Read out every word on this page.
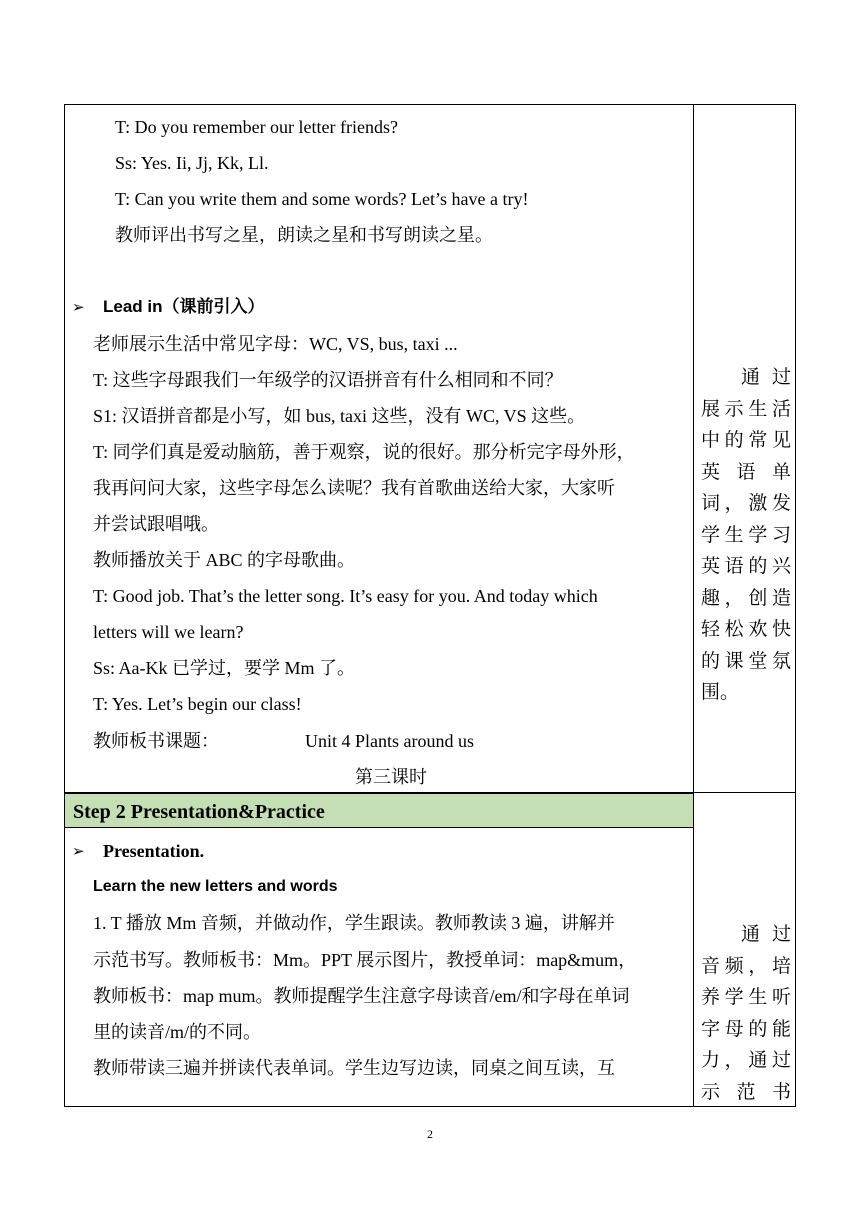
T: Do you remember our letter friends?
Ss: Yes. Ii, Jj, Kk, Ll.
T: Can you write them and some words? Let’s have a try!
教师评出书写之星，朗读之星和书写朗读之星。
➢ Lead in（课前引入）
老师展示生活中常见字母：WC, VS, bus, taxi ...
T: 这些字母跟我们一年级学的汉语拼音有什么相同和不同？
S1: 汉语拼音都是小写，如 bus, taxi 这些，没有 WC, VS 这些。
T: 同学们真是爱动脑筋，善于观察，说的很好。那分析完字母外形，
我再问问大家，这些字母怎么读呢？我有首歌曲送给大家，大家听
并尝试跟唱哦。
教师播放关于 ABC 的字母歌曲。
T: Good job. That’s the letter song. It’s easy for you. And today which
letters will we learn?
Ss: Aa-Kk 已学过，要学 Mm 了。
T: Yes. Let’s begin our class!
教师板书课题：	Unit 4 Plants around us
第三课时
通 过
展示生活
中的常见
英 语 单
词，激发
学生学习
英语的兴
趣，创造
轻松欢快
的课堂氛
围。
Step 2 Presentation&Practice
➢ Presentation.
Learn the new letters and words
1. T 播放 Mm 音频，并做动作，学生跟读。教师教读 3 遍，讲解并
示范书写。教师板书：Mm。PPT 展示图片，教授单词：map&mum，
教师板书：map mum。教师提醒学生注意字母读音/em/和字母在单词
里的读音/m/的不同。
教师带读三遍并拼读代表单词。学生边写边读，同桌之间互读，互
通 过
音频，培
养学生听
字母的能
力，通过
示 范 书
2
